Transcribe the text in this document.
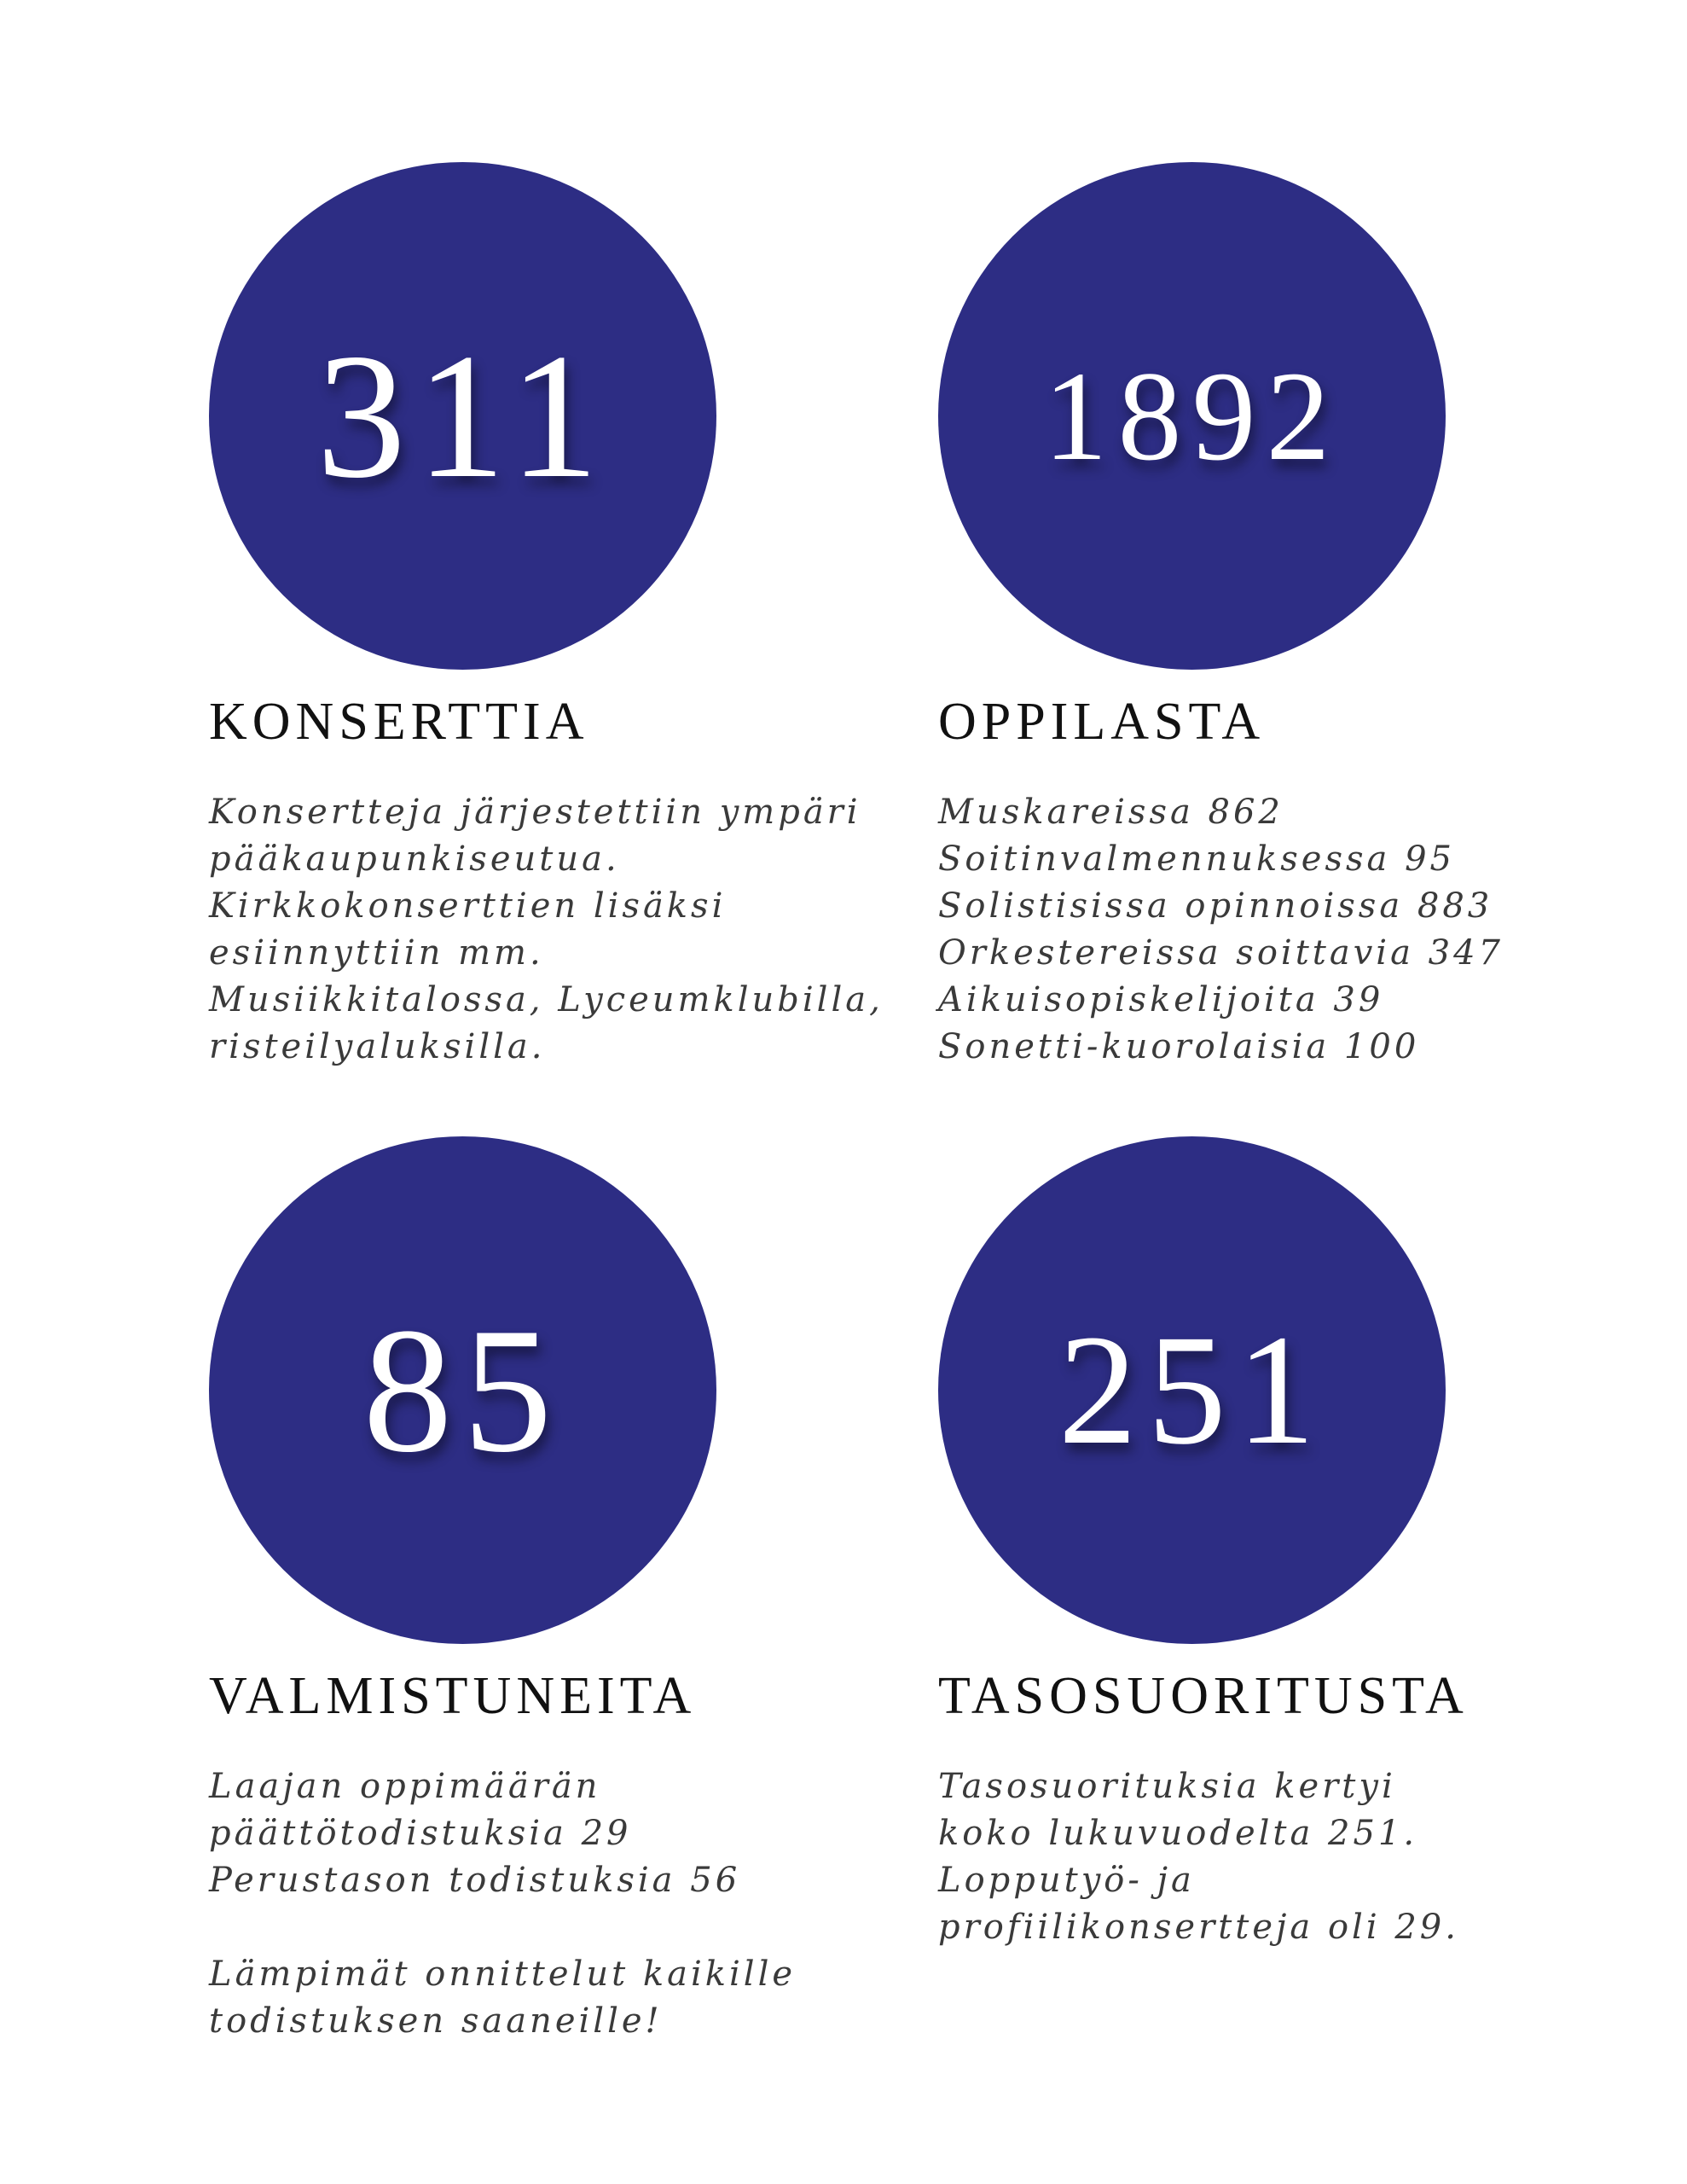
311
KONSERTTIA

Konsertteja järjestettiin ympäri
pääkaupunkiseutua.
Kirkkokonserttien lisäksi
esiinnyttiin mm.
Musiikkitalossa, Lyceumklubilla,
risteilyaluksilla.

1892
OPPILASTA

Muskareissa 862
Soitinvalmennuksessa 95
Solistisissa opinnoissa 883
Orkestereissa soittavia 347
Aikuisopiskelijoita 39
Sonetti-kuorolaisia 100

85
VALMISTUNEITA

Laajan oppimäärän
päättötodistuksia 29
Perustason todistuksia 56

Lämpimät onnittelut kaikille
todistuksen saaneille!

251
TASOSUORITUSTA

Tasosuorituksia kertyi
koko lukuvuodelta 251.
Lopputyö- ja
profiilikonsertteja oli 29.
